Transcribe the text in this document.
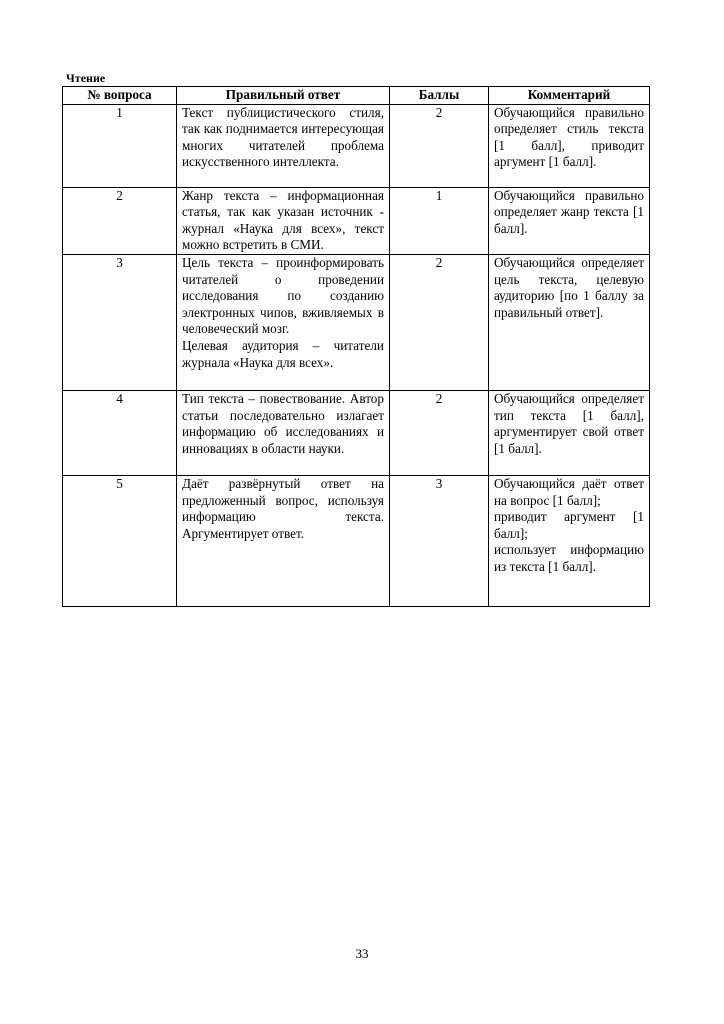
Чтение
№ вопроса	Правильный ответ	Баллы	Комментарий
1	Текст публицистического стиля, так как поднимается интересующая многих читателей проблема искусственного интеллекта.	2	Обучающийся правильно определяет стиль текста [1 балл], приводит аргумент [1 балл].
2	Жанр текста – информационная статья, так как указан источник - журнал «Наука для всех», текст можно встретить в СМИ.	1	Обучающийся правильно определяет жанр текста [1 балл].
3	Цель текста – проинформировать читателей о проведении исследования по созданию электронных чипов, вживляемых в человеческий мозг.
Целевая аудитория – читатели журнала «Наука для всех».	2	Обучающийся определяет цель текста, целевую аудиторию [по 1 баллу за правильный ответ].
4	Тип текста – повествование. Автор статьи последовательно излагает информацию об исследованиях и инновациях в области науки.	2	Обучающийся определяет тип текста [1 балл], аргументирует свой ответ [1 балл].
5	Даёт развёрнутый ответ на предложенный вопрос, используя информацию текста. Аргументирует ответ.	3	Обучающийся даёт ответ на вопрос [1 балл];
приводит аргумент [1 балл];
использует информацию из текста [1 балл].
33
